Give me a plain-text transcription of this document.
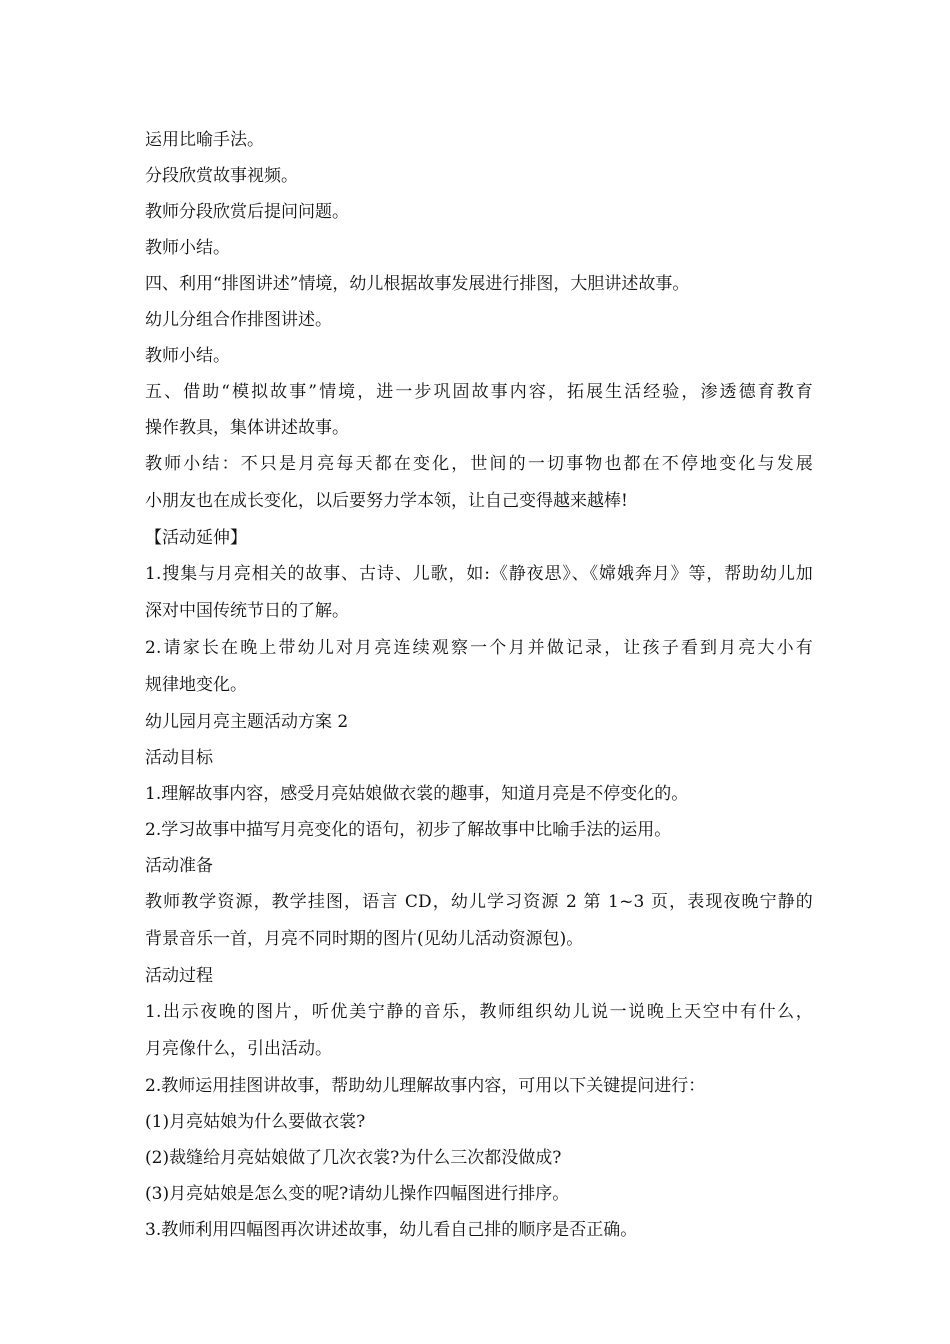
运用比喻手法。

分段欣赏故事视频。

教师分段欣赏后提问问题。

教师小结。

四、利用“排图讲述”情境，幼儿根据故事发展进行排图，大胆讲述故事。

幼儿分组合作排图讲述。

教师小结。

五、借助“模拟故事”情境，进一步巩固故事内容，拓展生活经验，渗透德育教育

操作教具，集体讲述故事。

教师小结：不只是月亮每天都在变化，世间的一切事物也都在不停地变化与发展

小朋友也在成长变化，以后要努力学本领，让自己变得越来越棒!

【活动延伸】

1.搜集与月亮相关的故事、古诗、儿歌，如:《静夜思》、《嫦娥奔月》等，帮助幼儿加

深对中国传统节日的了解。

2.请家长在晚上带幼儿对月亮连续观察一个月并做记录，让孩子看到月亮大小有

规律地变化。

幼儿园月亮主题活动方案 2

活动目标

1.理解故事内容，感受月亮姑娘做衣裳的趣事，知道月亮是不停变化的。

2.学习故事中描写月亮变化的语句，初步了解故事中比喻手法的运用。

活动准备

教师教学资源，教学挂图，语言 CD，幼儿学习资源 2 第 1~3 页，表现夜晚宁静的

背景音乐一首，月亮不同时期的图片(见幼儿活动资源包)。

活动过程

1.出示夜晚的图片，听优美宁静的音乐，教师组织幼儿说一说晚上天空中有什么，

月亮像什么，引出活动。

2.教师运用挂图讲故事，帮助幼儿理解故事内容，可用以下关键提问进行：

(1)月亮姑娘为什么要做衣裳?

(2)裁缝给月亮姑娘做了几次衣裳?为什么三次都没做成?

(3)月亮姑娘是怎么变的呢?请幼儿操作四幅图进行排序。

3.教师利用四幅图再次讲述故事，幼儿看自己排的顺序是否正确。
